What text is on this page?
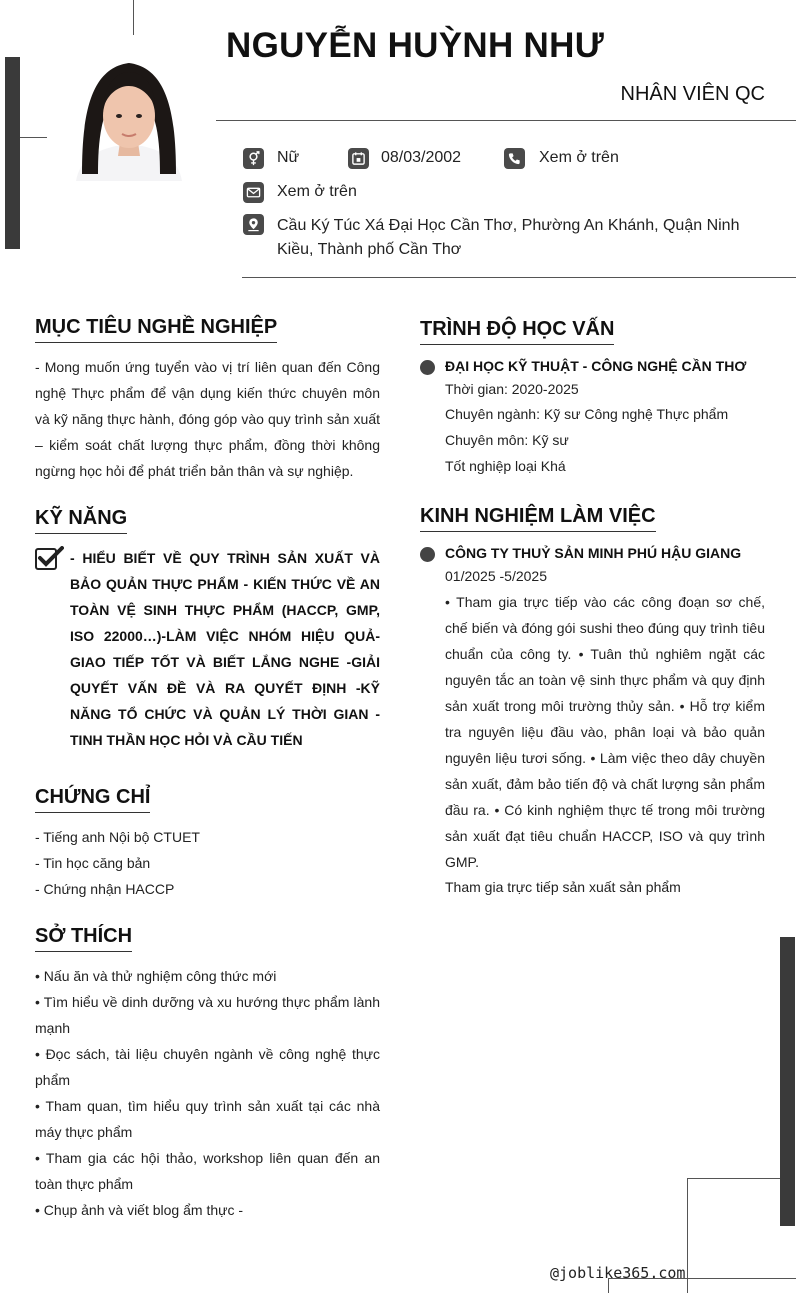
NGUYỄN HUỲNH NHƯ
NHÂN VIÊN QC
Nữ	08/03/2002	Xem ở trên
Xem ở trên
Cầu Ký Túc Xá Đại Học Cần Thơ, Phường An Khánh, Quận Ninh Kiều, Thành phố Cần Thơ
MỤC TIÊU NGHỀ NGHIỆP
- Mong muốn ứng tuyển vào vị trí liên quan đến Công nghệ Thực phẩm để vận dụng kiến thức chuyên môn và kỹ năng thực hành, đóng góp vào quy trình sản xuất – kiểm soát chất lượng thực phẩm, đồng thời không ngừng học hỏi để phát triển bản thân và sự nghiệp.
KỸ NĂNG
- HIỂU BIẾT VỀ QUY TRÌNH SẢN XUẤT VÀ BẢO QUẢN THỰC PHẨM - KIẾN THỨC VỀ AN TOÀN VỆ SINH THỰC PHẨM (HACCP, GMP, ISO 22000…)-LÀM VIỆC NHÓM HIỆU QUẢ-GIAO TIẾP TỐT VÀ BIẾT LẮNG NGHE -GIẢI QUYẾT VẤN ĐỀ VÀ RA QUYẾT ĐỊNH -KỸ NĂNG TỔ CHỨC VÀ QUẢN LÝ THỜI GIAN - TINH THẦN HỌC HỎI VÀ CẦU TIẾN
CHỨNG CHỈ
- Tiếng anh Nội bộ CTUET
- Tin học căng bản
- Chứng nhận HACCP
SỞ THÍCH
• Nấu ăn và thử nghiệm công thức mới
• Tìm hiểu về dinh dưỡng và xu hướng thực phẩm lành mạnh
• Đọc sách, tài liệu chuyên ngành về công nghệ thực phẩm
• Tham quan, tìm hiểu quy trình sản xuất tại các nhà máy thực phẩm
• Tham gia các hội thảo, workshop liên quan đến an toàn thực phẩm
• Chụp ảnh và viết blog ẩm thực -
TRÌNH ĐỘ HỌC VẤN
ĐẠI HỌC KỸ THUẬT - CÔNG NGHỆ CẦN THƠ
Thời gian: 2020-2025
Chuyên ngành: Kỹ sư Công nghệ Thực phẩm
Chuyên môn: Kỹ sư
Tốt nghiệp loại Khá
KINH NGHIỆM LÀM VIỆC
CÔNG TY THUỶ SẢN MINH PHÚ HẬU GIANG
01/2025 -5/2025
• Tham gia trực tiếp vào các công đoạn sơ chế, chế biến và đóng gói sushi theo đúng quy trình tiêu chuẩn của công ty. • Tuân thủ nghiêm ngặt các nguyên tắc an toàn vệ sinh thực phẩm và quy định sản xuất trong môi trường thủy sản. • Hỗ trợ kiểm tra nguyên liệu đầu vào, phân loại và bảo quản nguyên liệu tươi sống. • Làm việc theo dây chuyền sản xuất, đảm bảo tiến độ và chất lượng sản phẩm đầu ra. • Có kinh nghiệm thực tế trong môi trường sản xuất đạt tiêu chuẩn HACCP, ISO và quy trình GMP.
Tham gia trực tiếp sản xuất sản phẩm
@joblike365.com
